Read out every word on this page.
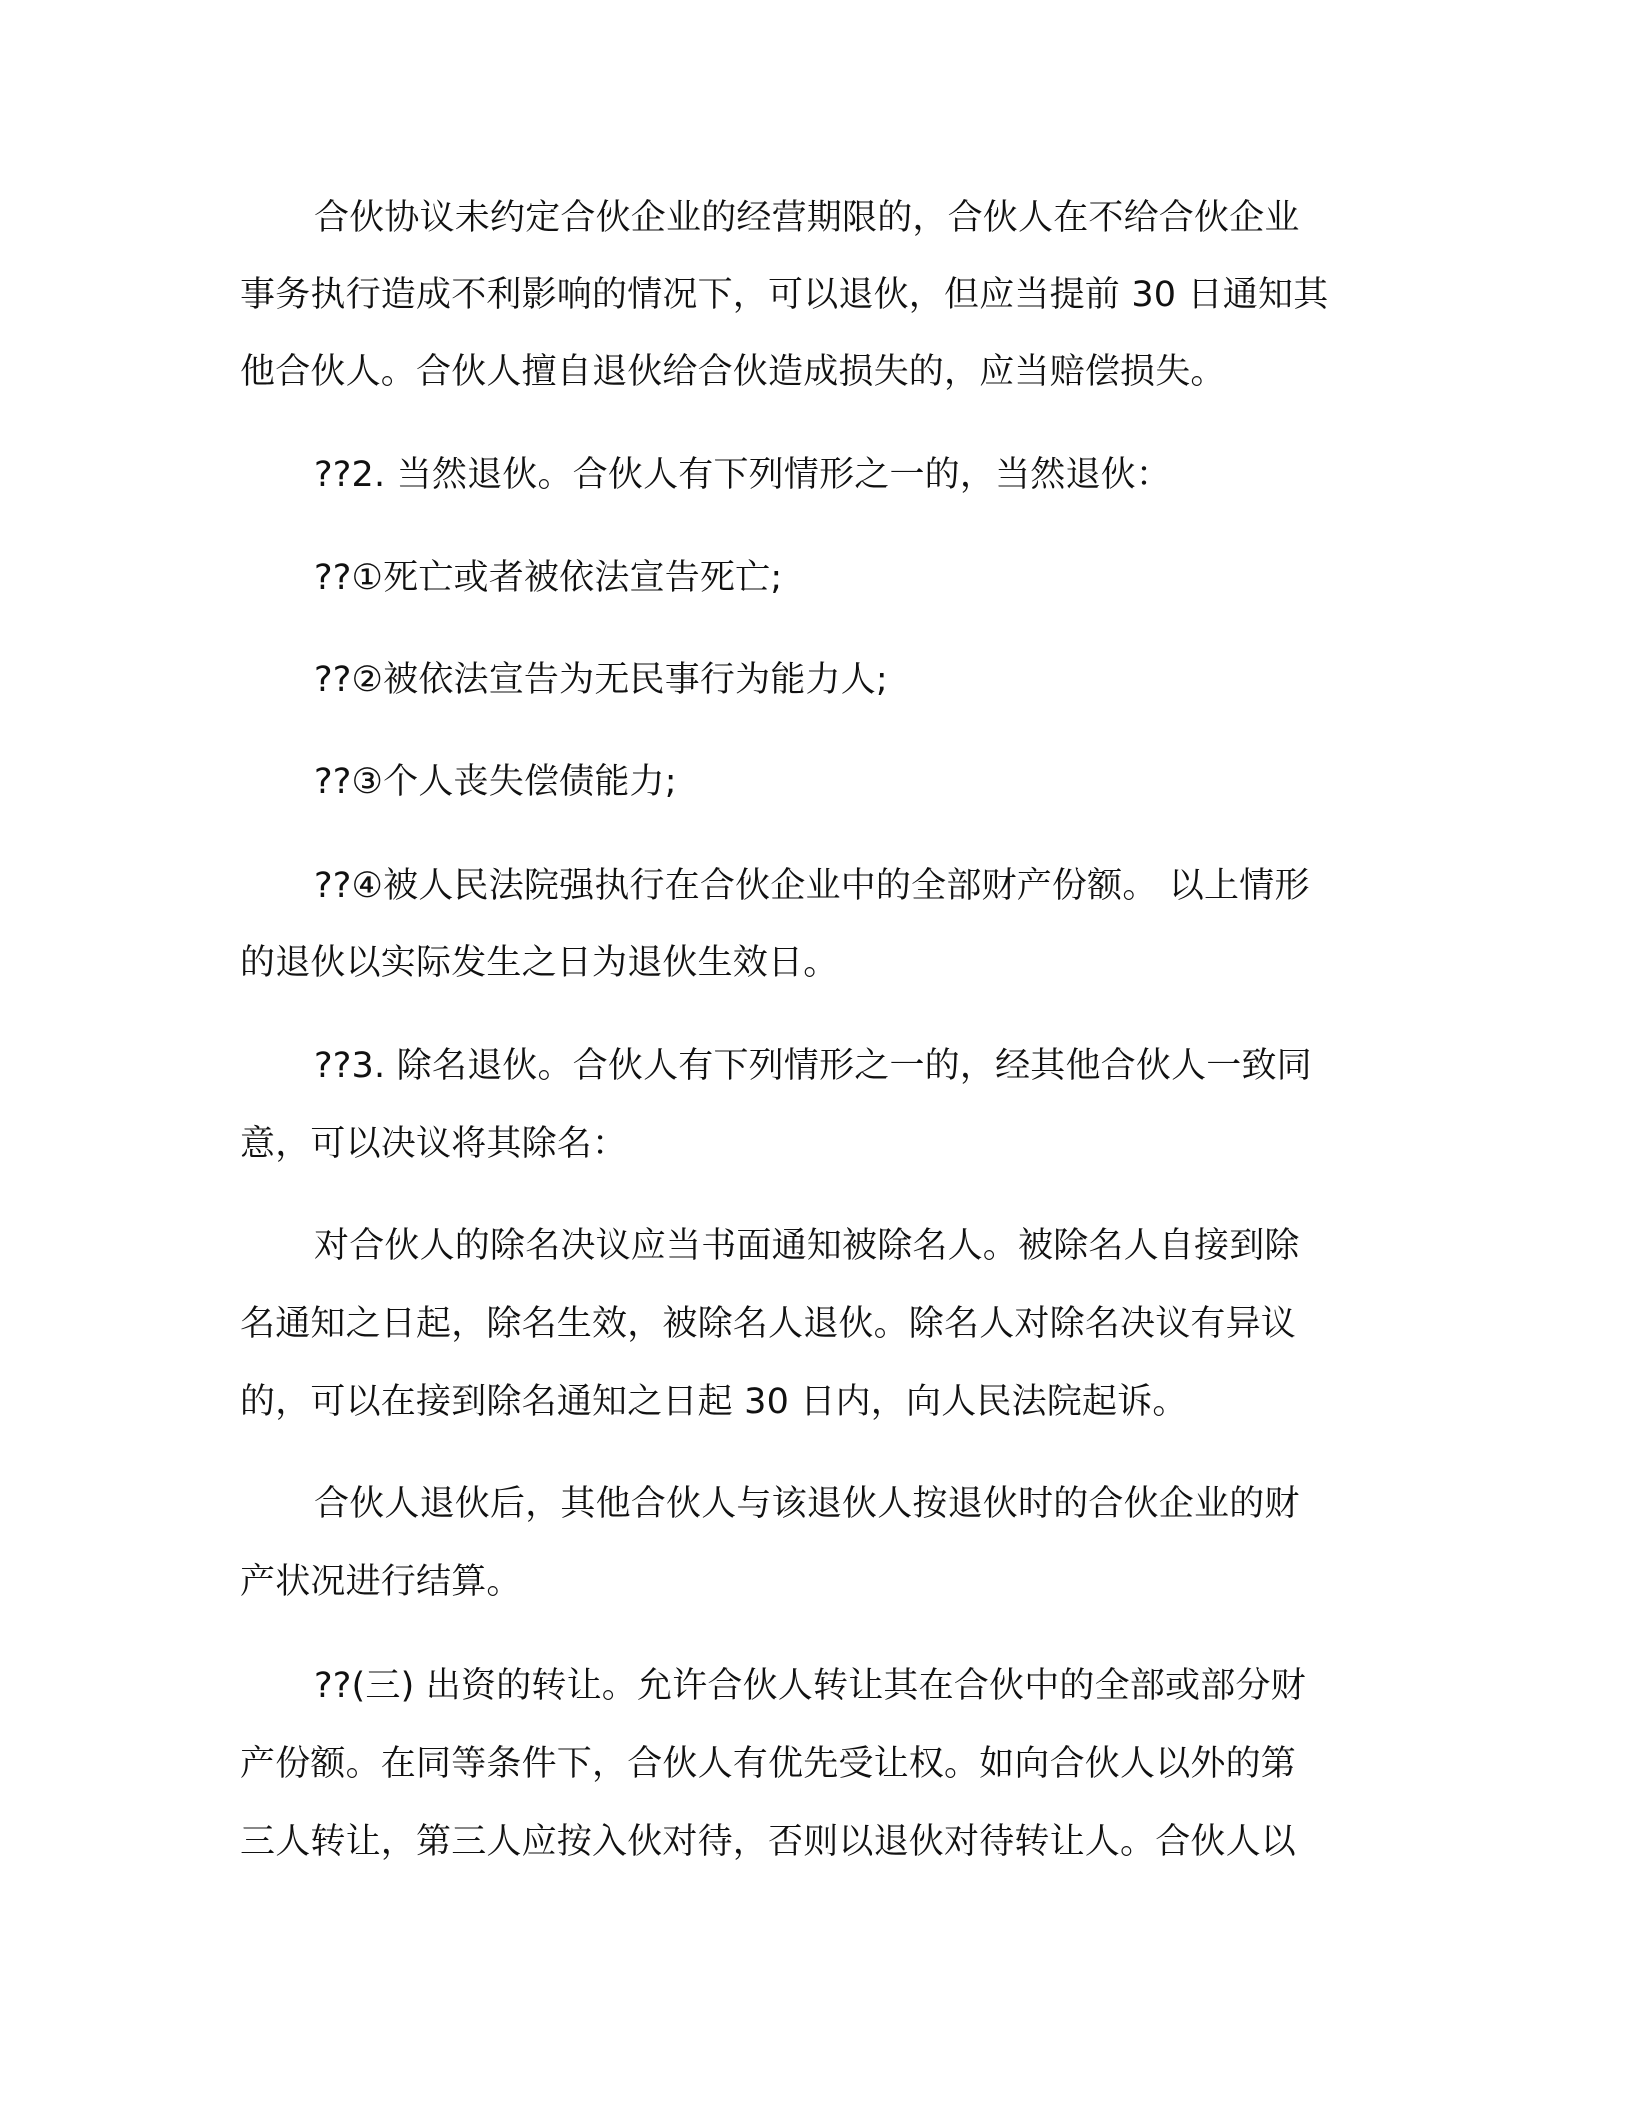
合伙协议未约定合伙企业的经营期限的，合伙人在不给合伙企业
事务执行造成不利影响的情况下，可以退伙，但应当提前 30 日通知其
他合伙人。合伙人擅自退伙给合伙造成损失的，应当赔偿损失。
??2. 当然退伙。合伙人有下列情形之一的，当然退伙：
??①死亡或者被依法宣告死亡;
??②被依法宣告为无民事行为能力人;
??③个人丧失偿债能力;
??④被人民法院强执行在合伙企业中的全部财产份额。 以上情形
的退伙以实际发生之日为退伙生效日。
??3. 除名退伙。合伙人有下列情形之一的，经其他合伙人一致同
意，可以决议将其除名：
对合伙人的除名决议应当书面通知被除名人。被除名人自接到除
名通知之日起，除名生效，被除名人退伙。除名人对除名决议有异议
的，可以在接到除名通知之日起 30 日内，向人民法院起诉。
合伙人退伙后，其他合伙人与该退伙人按退伙时的合伙企业的财
产状况进行结算。
??(三) 出资的转让。允许合伙人转让其在合伙中的全部或部分财
产份额。在同等条件下，合伙人有优先受让权。如向合伙人以外的第
三人转让，第三人应按入伙对待，否则以退伙对待转让人。合伙人以
